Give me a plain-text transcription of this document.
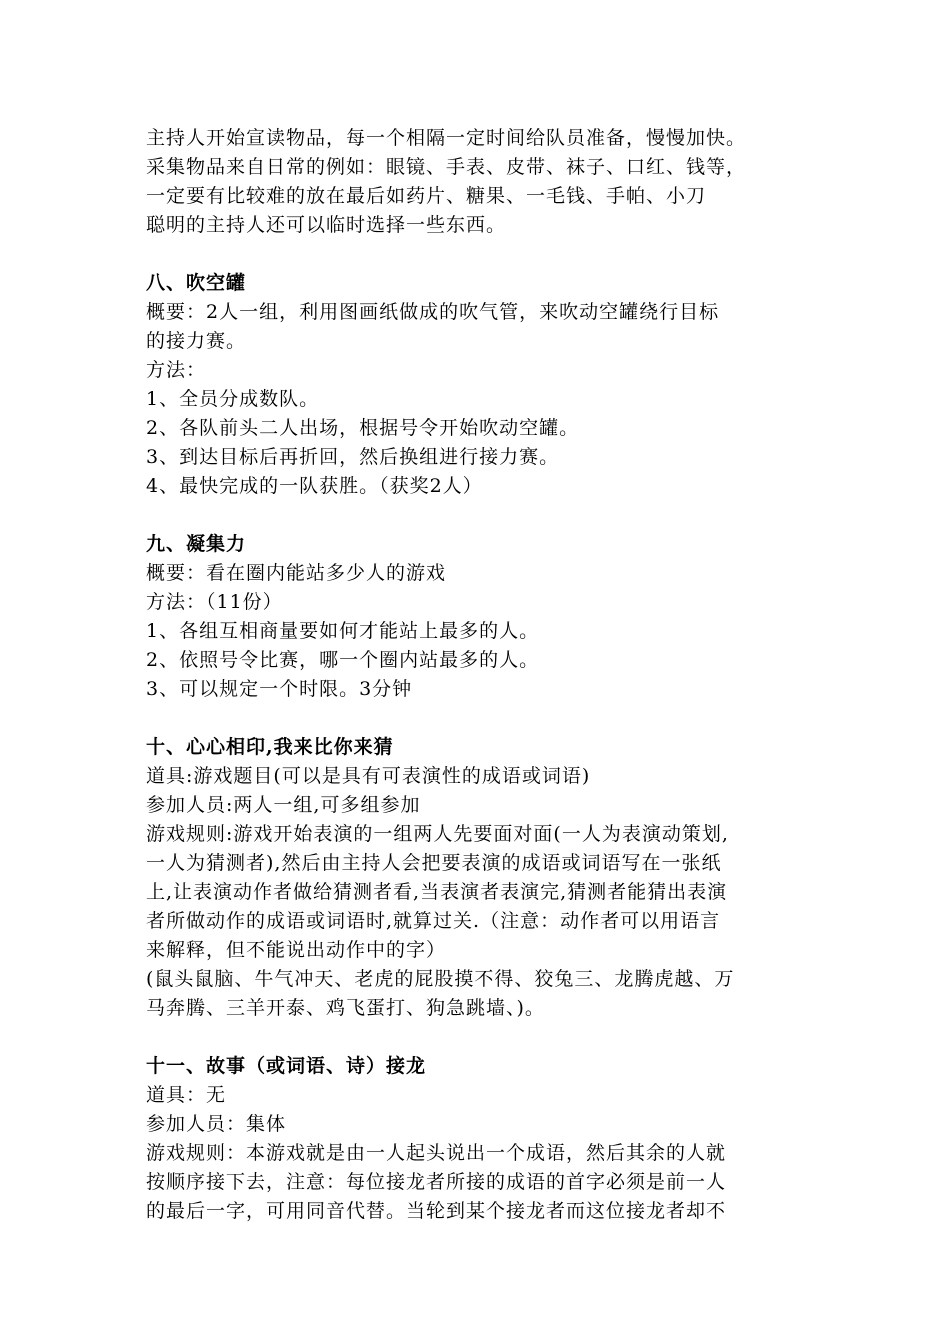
主持人开始宣读物品，每一个相隔一定时间给队员准备，慢慢加快。
采集物品来自日常的例如：眼镜、手表、皮带、袜子、口红、钱等，
一定要有比较难的放在最后如药片、糖果、一毛钱、手帕、小刀
聪明的主持人还可以临时选择一些东西。
八、吹空罐
概要：2人一组，利用图画纸做成的吹气管，来吹动空罐绕行目标
的接力赛。
方法：
1、全员分成数队。
2、各队前头二人出场，根据号令开始吹动空罐。
3、到达目标后再折回，然后换组进行接力赛。
4、最快完成的一队获胜。（获奖2人）
九、凝集力
概要：看在圈内能站多少人的游戏
方法：（11份）
1、各组互相商量要如何才能站上最多的人。
2、依照号令比赛，哪一个圈内站最多的人。
3、可以规定一个时限。3分钟
十、心心相印,我来比你来猜
道具:游戏题目(可以是具有可表演性的成语或词语)
参加人员:两人一组,可多组参加
游戏规则:游戏开始表演的一组两人先要面对面(一人为表演动策划,
一人为猜测者),然后由主持人会把要表演的成语或词语写在一张纸
上,让表演动作者做给猜测者看,当表演者表演完,猜测者能猜出表演
者所做动作的成语或词语时,就算过关.（注意：动作者可以用语言
来解释，但不能说出动作中的字）
(鼠头鼠脑、牛气冲天、老虎的屁股摸不得、狡兔三、龙腾虎越、万
马奔腾、三羊开泰、鸡飞蛋打、狗急跳墙、)。
十一、故事（或词语、诗）接龙
道具：无
参加人员：集体
游戏规则：本游戏就是由一人起头说出一个成语，然后其余的人就
按顺序接下去，注意：每位接龙者所接的成语的首字必须是前一人
的最后一字，可用同音代替。当轮到某个接龙者而这位接龙者却不
